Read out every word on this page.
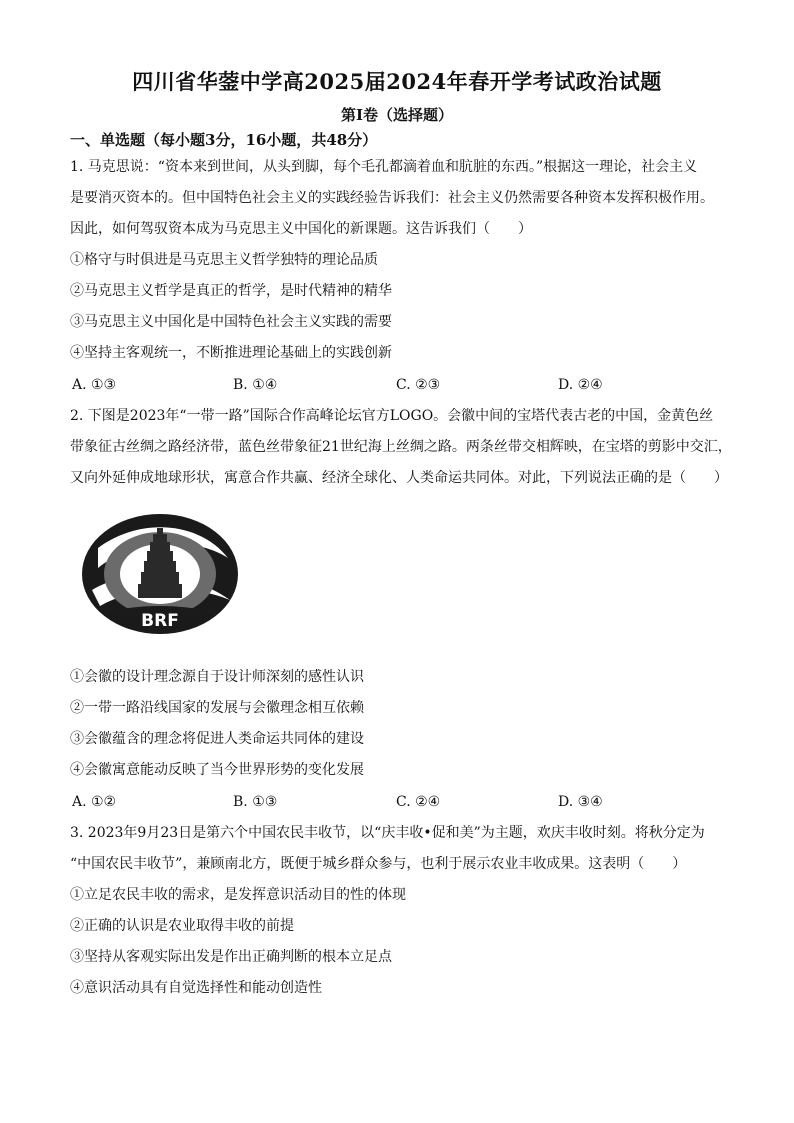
四川省华蓥中学高2025届2024年春开学考试政治试题
第Ⅰ卷（选择题）
一、单选题（每小题3分，16小题，共48分）
1. 马克思说：“资本来到世间，从头到脚，每个毛孔都滴着血和肮脏的东西。”根据这一理论，社会主义
是要消灭资本的。但中国特色社会主义的实践经验告诉我们：社会主义仍然需要各种资本发挥积极作用。
因此，如何驾驭资本成为马克思主义中国化的新课题。这告诉我们（　　）
①格守与时俱进是马克思主义哲学独特的理论品质
②马克思主义哲学是真正的哲学，是时代精神的精华
③马克思主义中国化是中国特色社会主义实践的需要
④坚持主客观统一，不断推进理论基础上的实践创新
A. ①③	B. ①④	C. ②③	D. ②④
2. 下图是2023年“一带一路”国际合作高峰论坛官方LOGO。会徽中间的宝塔代表古老的中国，金黄色丝
带象征古丝绸之路经济带，蓝色丝带象征21世纪海上丝绸之路。两条丝带交相辉映，在宝塔的剪影中交汇，
又向外延伸成地球形状，寓意合作共赢、经济全球化、人类命运共同体。对此，下列说法正确的是（　　）
BRF
①会徽的设计理念源自于设计师深刻的感性认识
②一带一路沿线国家的发展与会徽理念相互依赖
③会徽蕴含的理念将促进人类命运共同体的建设
④会徽寓意能动反映了当今世界形势的变化发展
A. ①②	B. ①③	C. ②④	D. ③④
3. 2023年9月23日是第六个中国农民丰收节，以“庆丰收•促和美”为主题，欢庆丰收时刻。将秋分定为
“中国农民丰收节”，兼顾南北方，既便于城乡群众参与，也利于展示农业丰收成果。这表明（　　）
①立足农民丰收的需求，是发挥意识活动目的性的体现
②正确的认识是农业取得丰收的前提
③坚持从客观实际出发是作出正确判断的根本立足点
④意识活动具有自觉选择性和能动创造性
